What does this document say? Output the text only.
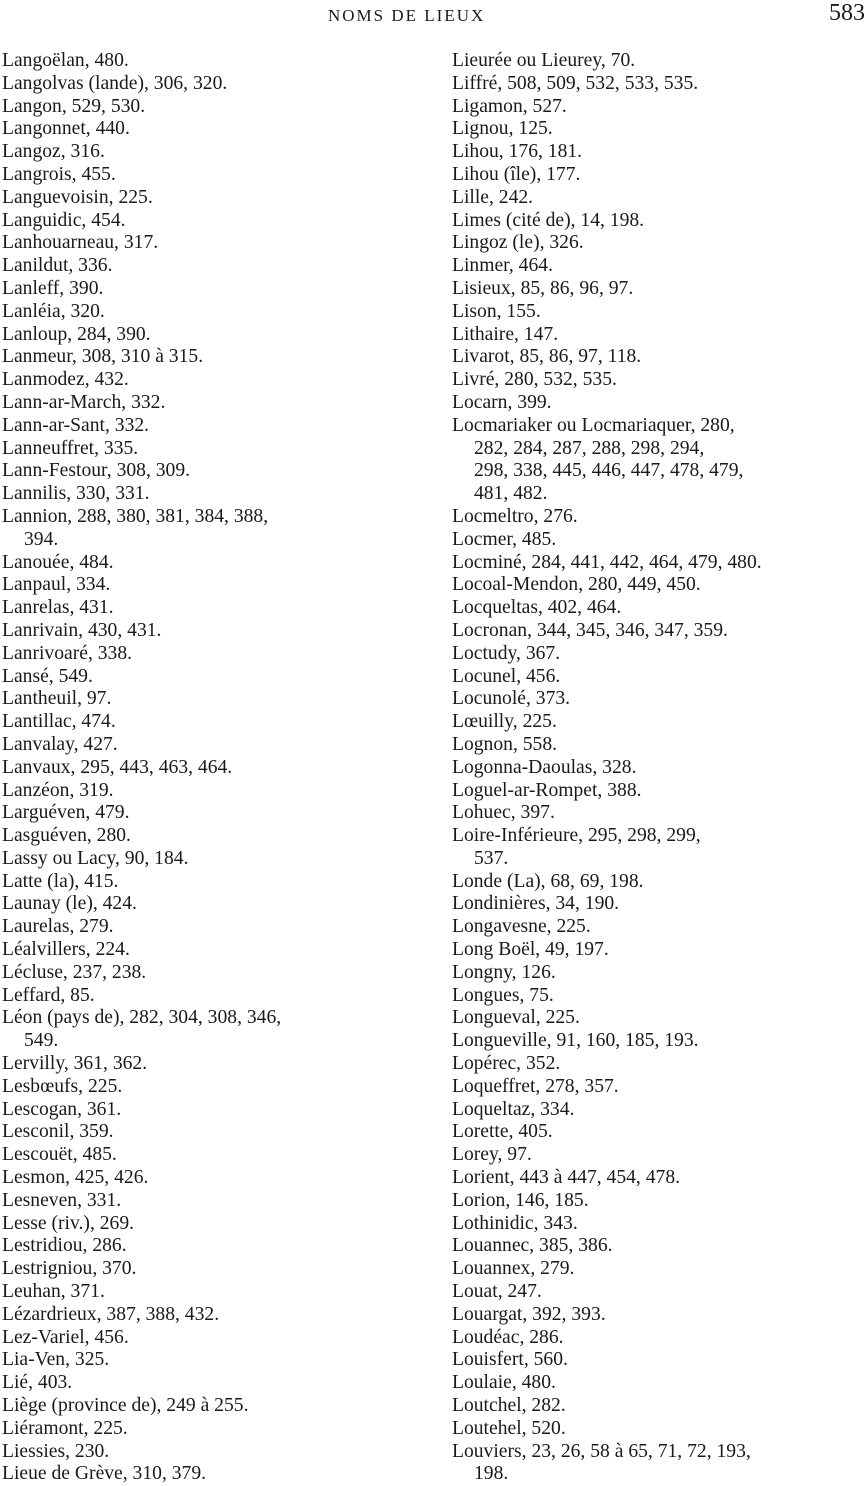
NOMS DE LIEUX	583
Langoëlan, 480.
Langolvas (lande), 306, 320.
Langon, 529, 530.
Langonnet, 440.
Langoz, 316.
Langrois, 455.
Languevoisin, 225.
Languidic, 454.
Lanhouarneau, 317.
Lanildut, 336.
Lanleff, 390.
Lanléia, 320.
Lanloup, 284, 390.
Lanmeur, 308, 310 à 315.
Lanmodez, 432.
Lann-ar-March, 332.
Lann-ar-Sant, 332.
Lanneuffret, 335.
Lann-Festour, 308, 309.
Lannilis, 330, 331.
Lannion, 288, 380, 381, 384, 388,
394.
Lanouée, 484.
Lanpaul, 334.
Lanrelas, 431.
Lanrivain, 430, 431.
Lanrivoaré, 338.
Lansé, 549.
Lantheuil, 97.
Lantillac, 474.
Lanvalay, 427.
Lanvaux, 295, 443, 463, 464.
Lanzéon, 319.
Larguéven, 479.
Lasguéven, 280.
Lassy ou Lacy, 90, 184.
Latte (la), 415.
Launay (le), 424.
Laurelas, 279.
Léalvillers, 224.
Lécluse, 237, 238.
Leffard, 85.
Léon (pays de), 282, 304, 308, 346,
549.
Lervilly, 361, 362.
Lesbœufs, 225.
Lescogan, 361.
Lesconil, 359.
Lescouët, 485.
Lesmon, 425, 426.
Lesneven, 331.
Lesse (riv.), 269.
Lestridiou, 286.
Lestrigniou, 370.
Leuhan, 371.
Lézardrieux, 387, 388, 432.
Lez-Variel, 456.
Lia-Ven, 325.
Lié, 403.
Liège (province de), 249 à 255.
Liéramont, 225.
Liessies, 230.
Lieue de Grève, 310, 379.
Lieurée ou Lieurey, 70.
Liffré, 508, 509, 532, 533, 535.
Ligamon, 527.
Lignou, 125.
Lihou, 176, 181.
Lihou (île), 177.
Lille, 242.
Limes (cité de), 14, 198.
Lingoz (le), 326.
Linmer, 464.
Lisieux, 85, 86, 96, 97.
Lison, 155.
Lithaire, 147.
Livarot, 85, 86, 97, 118.
Livré, 280, 532, 535.
Locarn, 399.
Locmariaker ou Locmariaquer, 280,
282, 284, 287, 288, 298, 294,
298, 338, 445, 446, 447, 478, 479,
481, 482.
Locmeltro, 276.
Locmer, 485.
Locminé, 284, 441, 442, 464, 479, 480.
Locoal-Mendon, 280, 449, 450.
Locqueltas, 402, 464.
Locronan, 344, 345, 346, 347, 359.
Loctudy, 367.
Locunel, 456.
Locunolé, 373.
Lœuilly, 225.
Lognon, 558.
Logonna-Daoulas, 328.
Loguel-ar-Rompet, 388.
Lohuec, 397.
Loire-Inférieure, 295, 298, 299,
537.
Londe (La), 68, 69, 198.
Londinières, 34, 190.
Longavesne, 225.
Long Boël, 49, 197.
Longny, 126.
Longues, 75.
Longueval, 225.
Longueville, 91, 160, 185, 193.
Lopérec, 352.
Loqueffret, 278, 357.
Loqueltaz, 334.
Lorette, 405.
Lorey, 97.
Lorient, 443 à 447, 454, 478.
Lorion, 146, 185.
Lothinidic, 343.
Louannec, 385, 386.
Louannex, 279.
Louat, 247.
Louargat, 392, 393.
Loudéac, 286.
Louisfert, 560.
Loulaie, 480.
Loutchel, 282.
Loutehel, 520.
Louviers, 23, 26, 58 à 65, 71, 72, 193,
198.
